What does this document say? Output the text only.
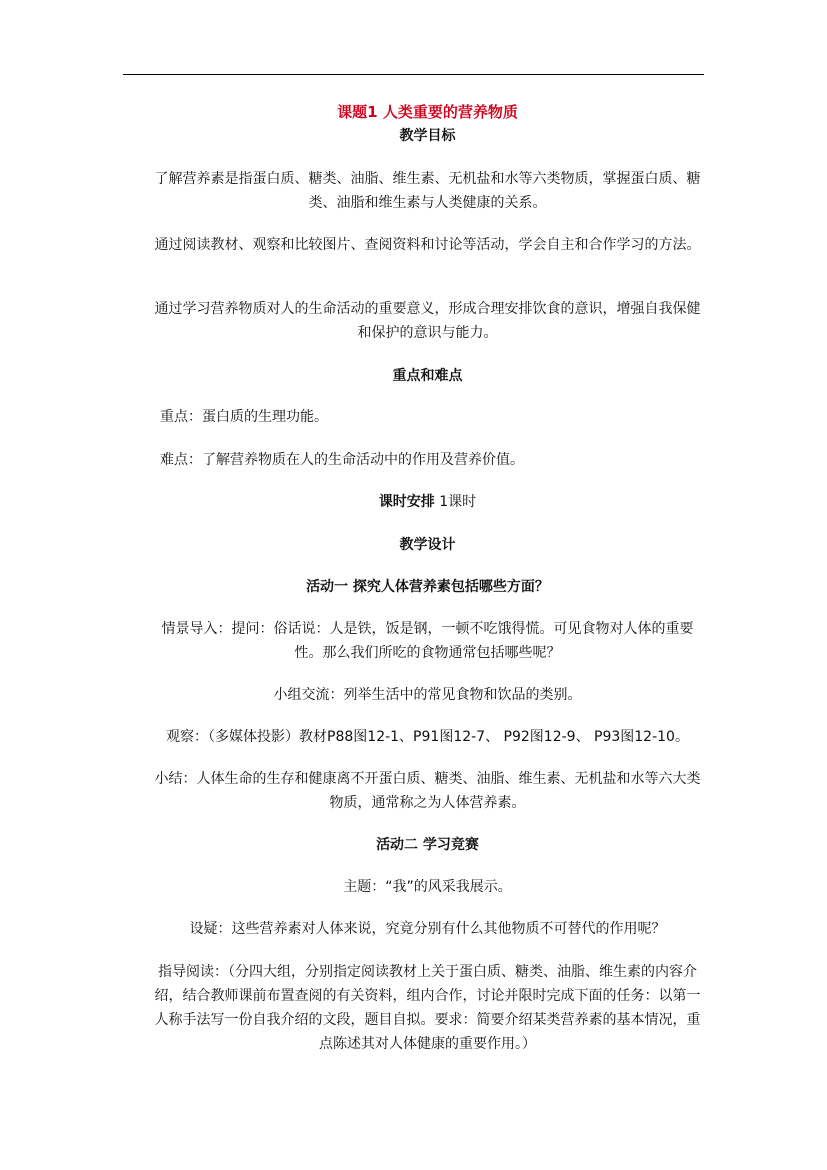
课题1 人类重要的营养物质
教学目标
了解营养素是指蛋白质、糖类、油脂、维生素、无机盐和水等六类物质，掌握蛋白质、糖类、油脂和维生素与人类健康的关系。
通过阅读教材、观察和比较图片、查阅资料和讨论等活动，学会自主和合作学习的方法。
通过学习营养物质对人的生命活动的重要意义，形成合理安排饮食的意识，增强自我保健和保护的意识与能力。
重点和难点
重点：蛋白质的生理功能。
难点：了解营养物质在人的生命活动中的作用及营养价值。
课时安排 1课时
教学设计
活动一 探究人体营养素包括哪些方面？
情景导入：提问：俗话说：人是铁，饭是钢，一顿不吃饿得慌。可见食物对人体的重要性。那么我们所吃的食物通常包括哪些呢？
小组交流：列举生活中的常见食物和饮品的类别。
观察：（多媒体投影）教材P88图12-1、P91图12-7、 P92图12-9、 P93图12-10。
小结：人体生命的生存和健康离不开蛋白质、糖类、油脂、维生素、无机盐和水等六大类物质，通常称之为人体营养素。
活动二 学习竞赛
主题：“我”的风采我展示。
设疑：这些营养素对人体来说，究竟分别有什么其他物质不可替代的作用呢？
指导阅读：（分四大组，分别指定阅读教材上关于蛋白质、糖类、油脂、维生素的内容介绍，结合教师课前布置查阅的有关资料，组内合作，讨论并限时完成下面的任务：以第一人称手法写一份自我介绍的文段，题目自拟。要求：简要介绍某类营养素的基本情况，重点陈述其对人体健康的重要作用。）
